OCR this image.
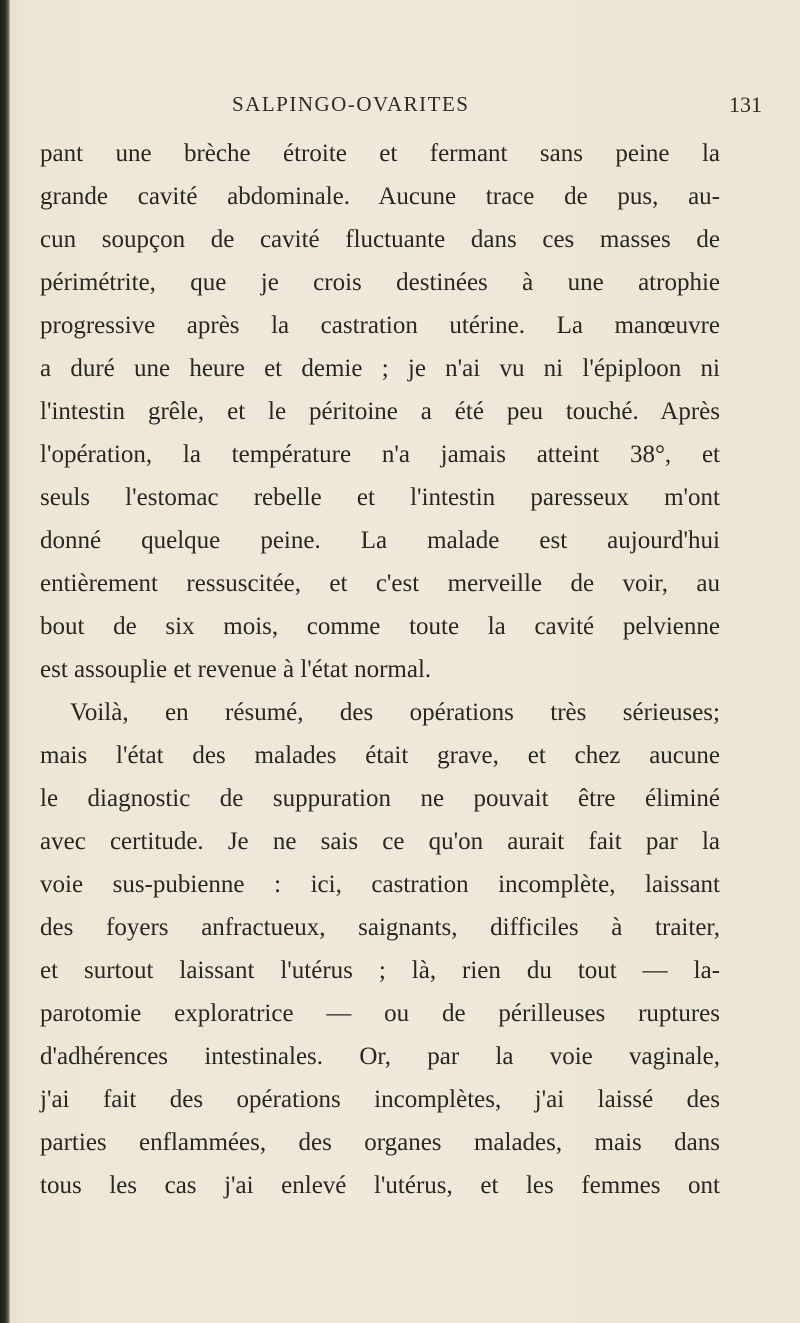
SALPINGO-OVARITES	131
pant une brèche étroite et fermant sans peine la
grande cavité abdominale. Aucune trace de pus, au-
cun soupçon de cavité fluctuante dans ces masses de
périmétrite, que je crois destinées à une atrophie
progressive après la castration utérine. La manœuvre
a duré une heure et demie ; je n'ai vu ni l'épiploon ni
l'intestin grêle, et le péritoine a été peu touché. Après
l'opération, la température n'a jamais atteint 38°, et
seuls l'estomac rebelle et l'intestin paresseux m'ont
donné quelque peine. La malade est aujourd'hui
entièrement ressuscitée, et c'est merveille de voir, au
bout de six mois, comme toute la cavité pelvienne
est assouplie et revenue à l'état normal.
Voilà, en résumé, des opérations très sérieuses;
mais l'état des malades était grave, et chez aucune
le diagnostic de suppuration ne pouvait être éliminé
avec certitude. Je ne sais ce qu'on aurait fait par la
voie sus-pubienne : ici, castration incomplète, laissant
des foyers anfractueux, saignants, difficiles à traiter,
et surtout laissant l'utérus ; là, rien du tout — la-
parotomie exploratrice — ou de périlleuses ruptures
d'adhérences intestinales. Or, par la voie vaginale,
j'ai fait des opérations incomplètes, j'ai laissé des
parties enflammées, des organes malades, mais dans
tous les cas j'ai enlevé l'utérus, et les femmes ont
